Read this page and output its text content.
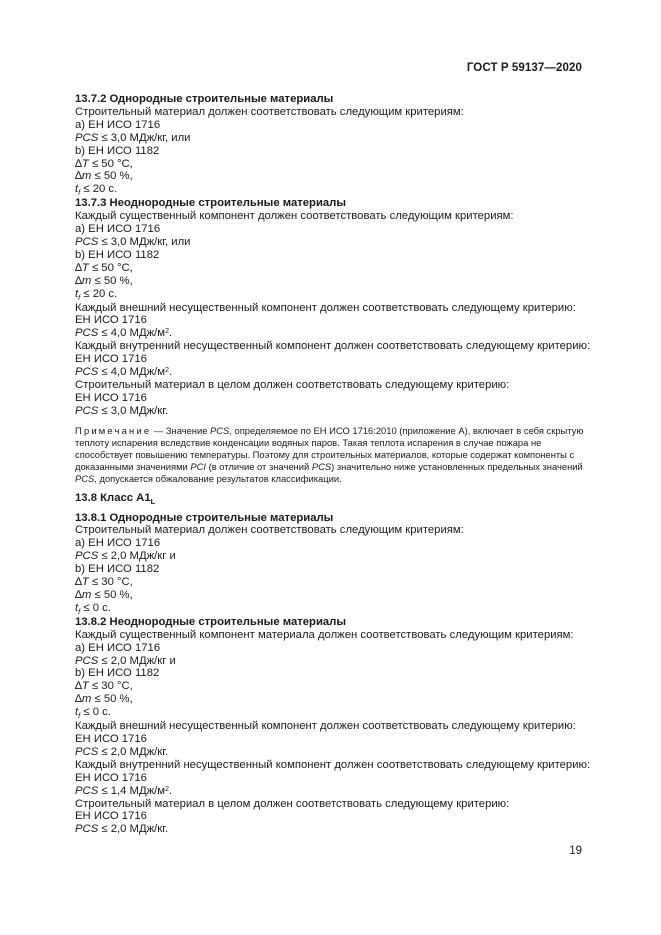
ГОСТ Р 59137—2020
13.7.2 Однородные строительные материалы
Строительный материал должен соответствовать следующим критериям:
a) ЕН ИСО 1716
PCS ≤ 3,0 МДж/кг, или
b) ЕН ИСО 1182
∆T ≤ 50 °С,
∆m ≤ 50 %,
$t_f \le 20$ с.
13.7.3 Неоднородные строительные материалы
Каждый существенный компонент должен соответствовать следующим критериям:
a) ЕН ИСО 1716
PCS ≤ 3,0 МДж/кг, или
b) ЕН ИСО 1182
∆T ≤ 50 °С,
∆m ≤ 50 %,
$t_f \le 20$ с.
Каждый внешний несущественный компонент должен соответствовать следующему критерию:
ЕН ИСО 1716
PCS ≤ 4,0 МДж/$м^2$.
Каждый внутренний несущественный компонент должен соответствовать следующему критерию:
ЕН ИСО 1716
PCS ≤ 4,0 МДж/$м^2$.
Строительный материал в целом должен соответствовать следующему критерию:
ЕН ИСО 1716
PCS ≤ 3,0 МДж/кг.
Примечание — Значение PCS, определяемое по ЕН ИСО 1716:2010 (приложение А), включает в себя скрытую теплоту испарения вследствие конденсации водяных паров. Такая теплота испарения в случае пожара не способствует повышению температуры. Поэтому для строительных материалов, которые содержат компоненты с доказанными значениями PCI (в отличие от значений PCS) значительно ниже установленных предельных значений PCS, допускается обжалование результатов классификации.
13.8 Класс $А1_L$
13.8.1 Однородные строительные материалы
Строительный материал должен соответствовать следующим критериям:
a) ЕН ИСО 1716
PCS ≤ 2,0 МДж/кг и
b) ЕН ИСО 1182
∆T ≤ 30 °С,
∆m ≤ 50 %,
$t_f \le 0$ с.
13.8.2 Неоднородные строительные материалы
Каждый существенный компонент материала должен соответствовать следующим критериям:
a) ЕН ИСО 1716
PCS ≤ 2,0 МДж/кг и
b) ЕН ИСО 1182
∆T ≤ 30 °С,
∆m ≤ 50 %,
$t_f \le 0$ с.
Каждый внешний несущественный компонент должен соответствовать следующему критерию:
ЕН ИСО 1716
PCS ≤ 2,0 МДж/кг.
Каждый внутренний несущественный компонент должен соответствовать следующему критерию:
ЕН ИСО 1716
PCS ≤ 1,4 МДж/$м^2$.
Строительный материал в целом должен соответствовать следующему критерию:
ЕН ИСО 1716
PCS ≤ 2,0 МДж/кг.
19
